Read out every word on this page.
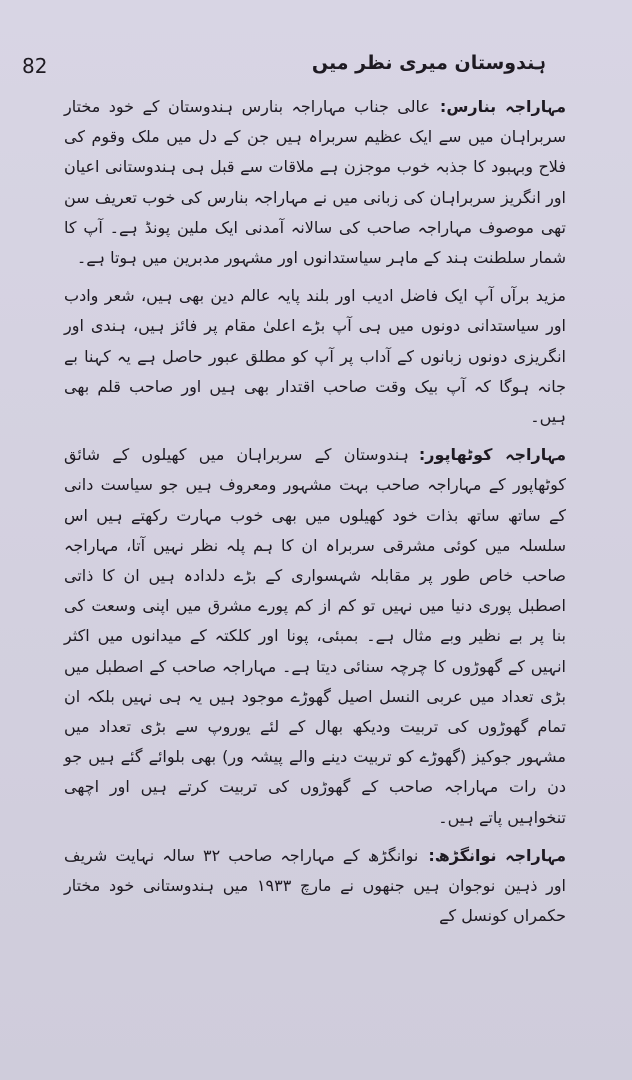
ہندوستان میری نظر میں
82

مہاراجہ بنارس:عالی جناب مہاراجہ بنارس ہندوستان کے خود مختار سربراہان میں سے ایک عظیم سربراہ ہیں جن کے دل میں ملک وقوم کی فلاح وبہبود کا جذبہ خوب موجزن ہے ملاقات سے قبل ہی ہندوستانی اعیان اور انگریز سربراہان کی زبانی میں نے مہاراجہ بنارس کی خوب تعریف سن تھی موصوف مہاراجہ صاحب کی سالانہ آمدنی ایک ملین پونڈ ہے۔ آپ کا شمار سلطنت ہند کے ماہر سیاستدانوں اور مشہور مدبرین میں ہوتا ہے۔

مزید برآں آپ ایک فاضل ادیب اور بلند پایہ عالم دین بھی ہیں، شعر وادب اور سیاستدانی دونوں میں ہی آپ بڑے اعلیٰ مقام پر فائز ہیں، ہندی اور انگریزی دونوں زبانوں کے آداب پر آپ کو مطلق عبور حاصل ہے یہ کہنا بے جانہ ہوگا کہ آپ بیک وقت صاحب اقتدار بھی ہیں اور صاحب قلم بھی ہیں۔

مہاراجہ کوٹھاپور:ہندوستان کے سربراہان میں کھیلوں کے شائق کوٹھاپور کے مہاراجہ صاحب بہت مشہور ومعروف ہیں جو سیاست دانی کے ساتھ ساتھ بذات خود کھیلوں میں بھی خوب مہارت رکھتے ہیں اس سلسلہ میں کوئی مشرقی سربراہ ان کا ہم پلہ نظر نہیں آتا، مہاراجہ صاحب خاص طور پر مقابلہ شہسواری کے بڑے دلدادہ ہیں ان کا ذاتی اصطبل پوری دنیا میں نہیں تو کم از کم پورے مشرق میں اپنی وسعت کی بنا پر بے نظیر وبے مثال ہے۔ بمبئی، پونا اور کلکتہ کے میدانوں میں اکثر انہیں کے گھوڑوں کا چرچہ سنائی دیتا ہے۔ مہاراجہ صاحب کے اصطبل میں بڑی تعداد میں عربی النسل اصیل گھوڑے موجود ہیں یہ ہی نہیں بلکہ ان تمام گھوڑوں کی تربیت ودیکھ بھال کے لئے یوروپ سے بڑی تعداد میں مشہور جوکیز (گھوڑے کو تربیت دینے والے پیشہ ور) بھی بلوائے گئے ہیں جو دن رات مہاراجہ صاحب کے گھوڑوں کی تربیت کرتے ہیں اور اچھی تنخواہیں پاتے ہیں۔

مہاراجہ نوانگڑھ:نوانگڑھ کے مہاراجہ صاحب ۳۲ سالہ نہایت شریف اور ذہین نوجوان ہیں جنھوں نے مارچ ۱۹۳۳ میں ہندوستانی خود مختار حکمراں کونسل کے
